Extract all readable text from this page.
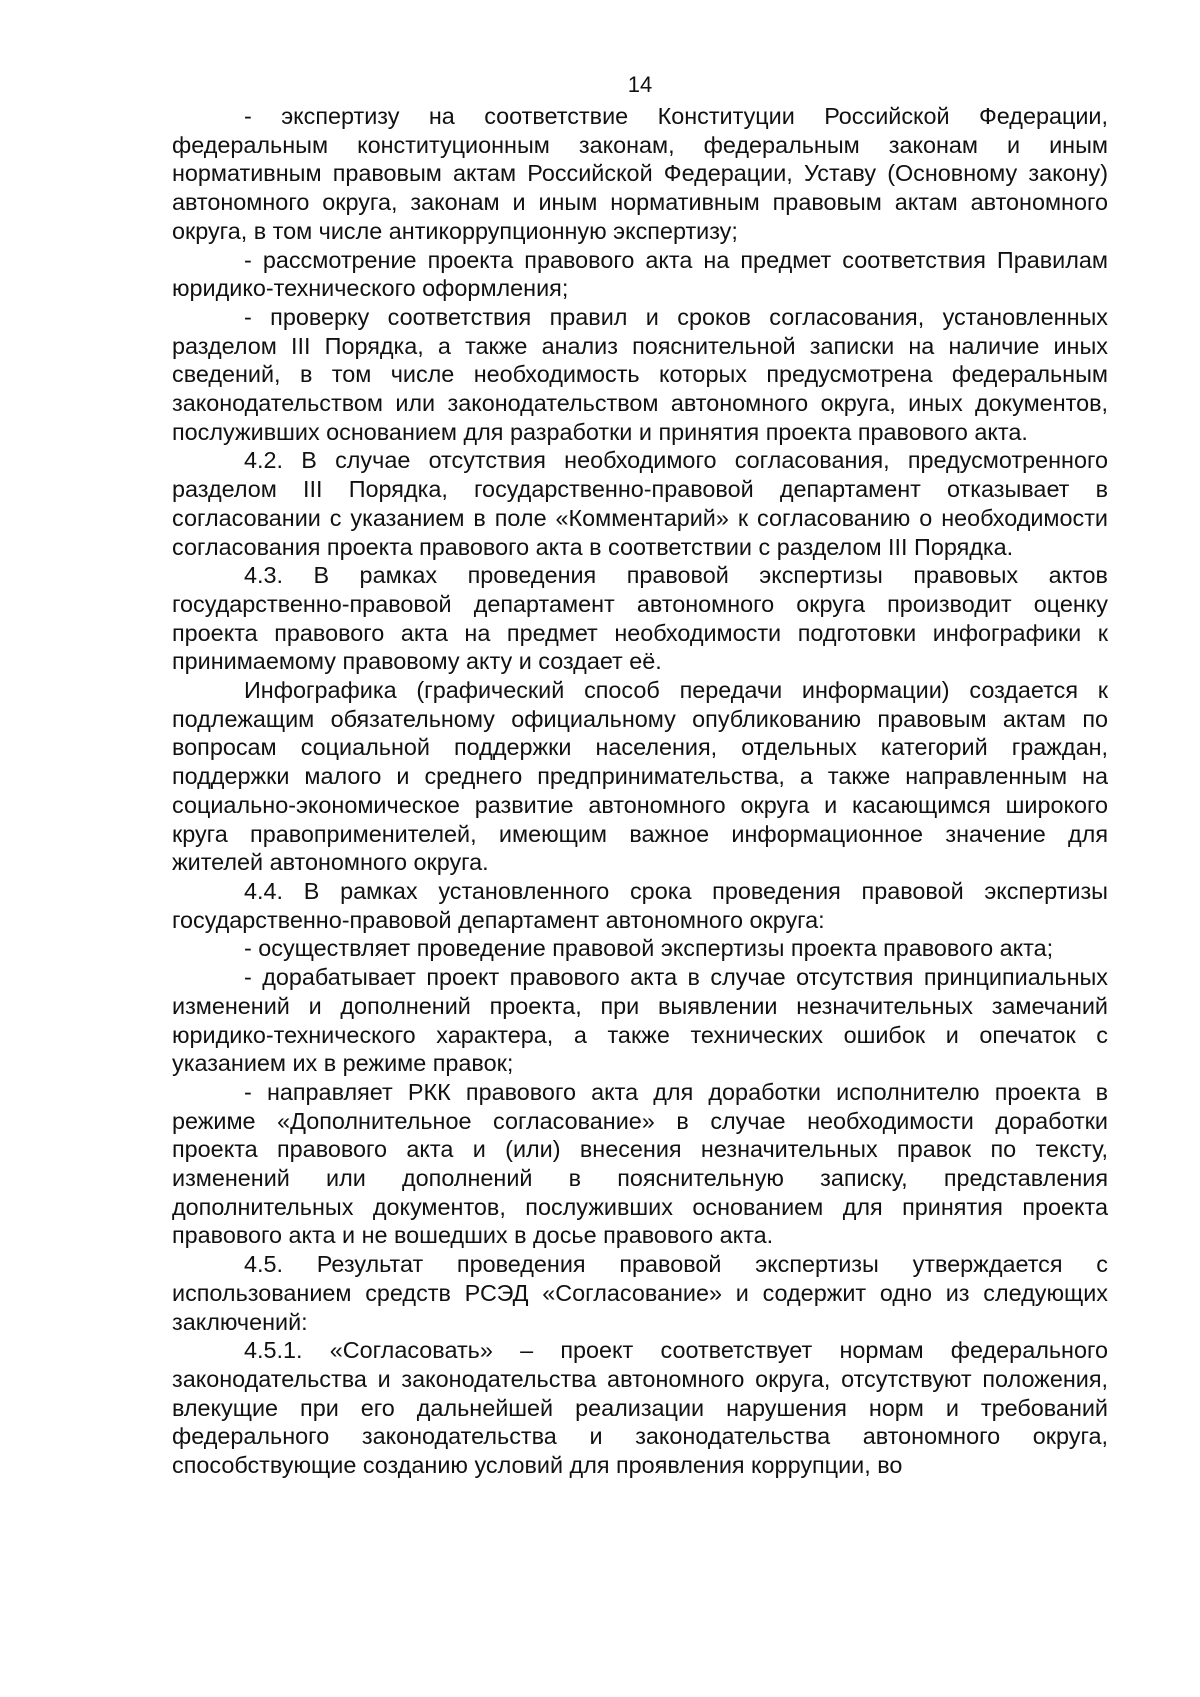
14

- экспертизу на соответствие Конституции Российской Федерации, федеральным конституционным законам, федеральным законам и иным нормативным правовым актам Российской Федерации, Уставу (Основному закону) автономного округа, законам и иным нормативным правовым актам автономного округа, в том числе антикоррупционную экспертизу;

- рассмотрение проекта правового акта на предмет соответствия Правилам юридико-технического оформления;

- проверку соответствия правил и сроков согласования, установленных разделом III Порядка, а также анализ пояснительной записки на наличие иных сведений, в том числе необходимость которых предусмотрена федеральным законодательством или законодательством автономного округа, иных документов, послуживших основанием для разработки и принятия проекта правового акта.

4.2. В случае отсутствия необходимого согласования, предусмотренного разделом III Порядка, государственно-правовой департамент отказывает в согласовании с указанием в поле «Комментарий» к согласованию о необходимости согласования проекта правового акта в соответствии с разделом III Порядка.

4.3. В рамках проведения правовой экспертизы правовых актов государственно-правовой департамент автономного округа производит оценку проекта правового акта на предмет необходимости подготовки инфографики к принимаемому правовому акту и создает её.

Инфографика (графический способ передачи информации) создается к подлежащим обязательному официальному опубликованию правовым актам по вопросам социальной поддержки населения, отдельных категорий граждан, поддержки малого и среднего предпринимательства, а также направленным на социально-экономическое развитие автономного округа и касающимся широкого круга правоприменителей, имеющим важное информационное значение для жителей автономного округа.

4.4. В рамках установленного срока проведения правовой экспертизы государственно-правовой департамент автономного округа:

- осуществляет проведение правовой экспертизы проекта правового акта;

- дорабатывает проект правового акта в случае отсутствия принципиальных изменений и дополнений проекта, при выявлении незначительных замечаний юридико-технического характера, а также технических ошибок и опечаток с указанием их в режиме правок;

- направляет РКК правового акта для доработки исполнителю проекта в режиме «Дополнительное согласование» в случае необходимости доработки проекта правового акта и (или) внесения незначительных правок по тексту, изменений или дополнений в пояснительную записку, представления дополнительных документов, послуживших основанием для принятия проекта правового акта и не вошедших в досье правового акта.

4.5. Результат проведения правовой экспертизы утверждается с использованием средств РСЭД «Согласование» и содержит одно из следующих заключений:

4.5.1. «Согласовать» – проект соответствует нормам федерального законодательства и законодательства автономного округа, отсутствуют положения, влекущие при его дальнейшей реализации нарушения норм и требований федерального законодательства и законодательства автономного округа, способствующие созданию условий для проявления коррупции, во
